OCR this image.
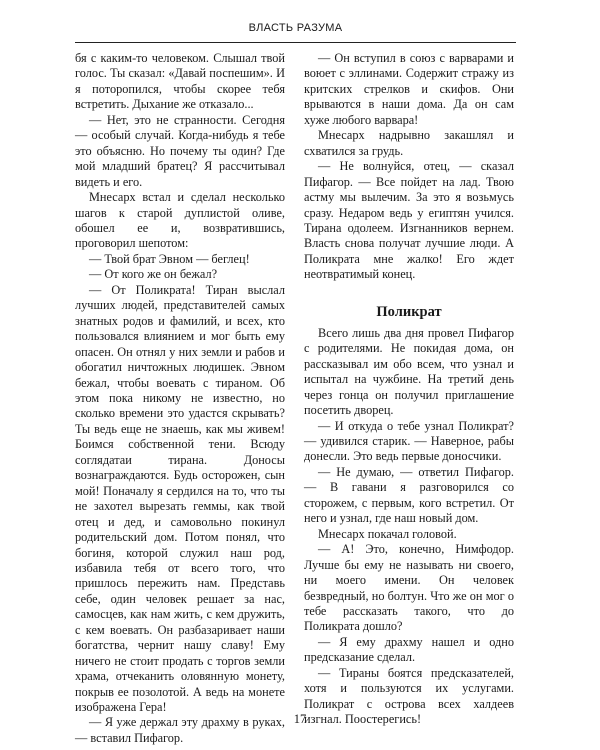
ВЛАСТЬ РАЗУМА

бя с каким-то человеком. Слышал твой голос. Ты сказал: «Давай поспешим». И я поторопился, чтобы скорее тебя встретить. Дыхание же отказало...

— Нет, это не странности. Сегодня — особый случай. Когда-нибудь я тебе это объясню. Но почему ты один? Где мой младший братец? Я рассчитывал видеть и его.

Мнесарх встал и сделал несколько шагов к старой дуплистой оливе, обошел ее и, возвратившись, проговорил шепотом:

— Твой брат Эвном — беглец!

— От кого же он бежал?

— От Поликрата! Тиран выслал лучших людей, представителей самых знатных родов и фамилий, и всех, кто пользовался влиянием и мог быть ему опасен. Он отнял у них земли и рабов и обогатил ничтожных людишек. Эвном бежал, чтобы воевать с тираном. Об этом пока никому не известно, но сколько времени это удастся скрывать? Ты ведь еще не знаешь, как мы живем! Боимся собственной тени. Всюду соглядатаи тирана. Доносы вознаграждаются. Будь осторожен, сын мой! Поначалу я сердился на то, что ты не захотел вырезать геммы, как твой отец и дед, и самовольно покинул родительский дом. Потом понял, что богиня, которой служил наш род, избавила тебя от всего того, что пришлось пережить нам. Представь себе, один человек решает за нас, самосцев, как нам жить, с кем дружить, с кем воевать. Он разбазаривает наши богатства, чернит нашу славу! Ему ничего не стоит продать с торгов земли храма, отчеканить оловянную монету, покрыв ее позолотой. А ведь на монете изображена Гера!

— Я уже держал эту драхму в руках, — вставил Пифагор.

— Он вступил в союз с варварами и воюет с эллинами. Содержит стражу из критских стрелков и скифов. Они врываются в наши дома. Да он сам хуже любого варвара!

Мнесарх надрывно закашлял и схватился за грудь.

— Не волнуйся, отец, — сказал Пифагор. — Все пойдет на лад. Твою астму мы вылечим. За это я возьмусь сразу. Недаром ведь у египтян учился. Тирана одолеем. Изгнанников вернем. Власть снова получат лучшие люди. А Поликрата мне жалко! Его ждет неотвратимый конец.

Поликрат

Всего лишь два дня провел Пифагор с родителями. Не покидая дома, он рассказывал им обо всем, что узнал и испытал на чужбине. На третий день через гонца он получил приглашение посетить дворец.

— И откуда о тебе узнал Поликрат? — удивился старик. — Наверное, рабы донесли. Это ведь первые доносчики.

— Не думаю, — ответил Пифагор. — В гавани я разговорился со сторожем, с первым, кого встретил. От него и узнал, где наш новый дом.

Мнесарх покачал головой.

— А! Это, конечно, Нимфодор. Лучше бы ему не называть ни своего, ни моего имени. Он человек безвредный, но болтун. Что же он мог о тебе рассказать такого, что до Поликрата дошло?

— Я ему драхму нашел и одно предсказание сделал.

— Тираны боятся предсказателей, хотя и пользуются их услугами. Поликрат с острова всех халдеев изгнал. Поостерегись!

17
